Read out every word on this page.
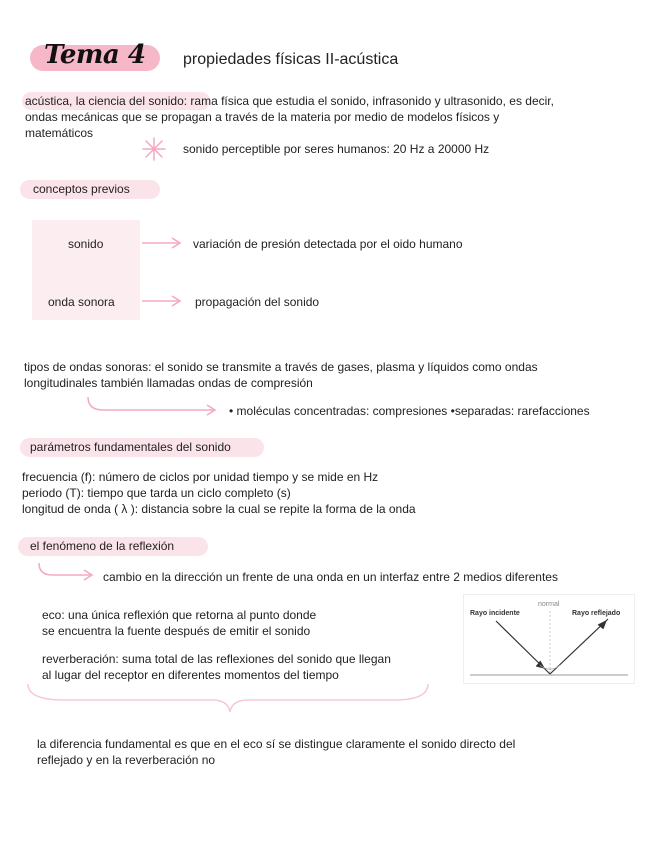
Tema 4 propiedades físicas II-acústica
acústica, la ciencia del sonido: rama física que estudia el sonido, infrasonido y ultrasonido, es decir,
ondas mecánicas que se propagan a través de la materia por medio de modelos físicos y
matemáticos
sonido perceptible por seres humanos: 20 Hz a 20000 Hz
conceptos previos
sonido	variación de presión detectada por el oido humano
onda sonora	propagación del sonido
tipos de ondas sonoras: el sonido se transmite a través de gases, plasma y líquidos como ondas
longitudinales también llamadas ondas de compresión
• moléculas concentradas: compresiones •separadas: rarefacciones
parámetros fundamentales del sonido
frecuencia (f): número de ciclos por unidad tiempo y se mide en Hz
periodo (T): tiempo que tarda un ciclo completo (s)
longitud de onda ( λ ): distancia sobre la cual se repite la forma de la onda
el fenómeno de la reflexión
cambio en la dirección un frente de una onda en un interfaz entre 2 medios diferentes
eco: una única reflexión que retorna al punto donde
se encuentra la fuente después de emitir el sonido
reverberación: suma total de las reflexiones del sonido que llegan
al lugar del receptor en diferentes momentos del tiempo
normal
Rayo incidente	Rayo reflejado
la diferencia fundamental es que en el eco sí se distingue claramente el sonido directo del
reflejado y en la reverberación no
